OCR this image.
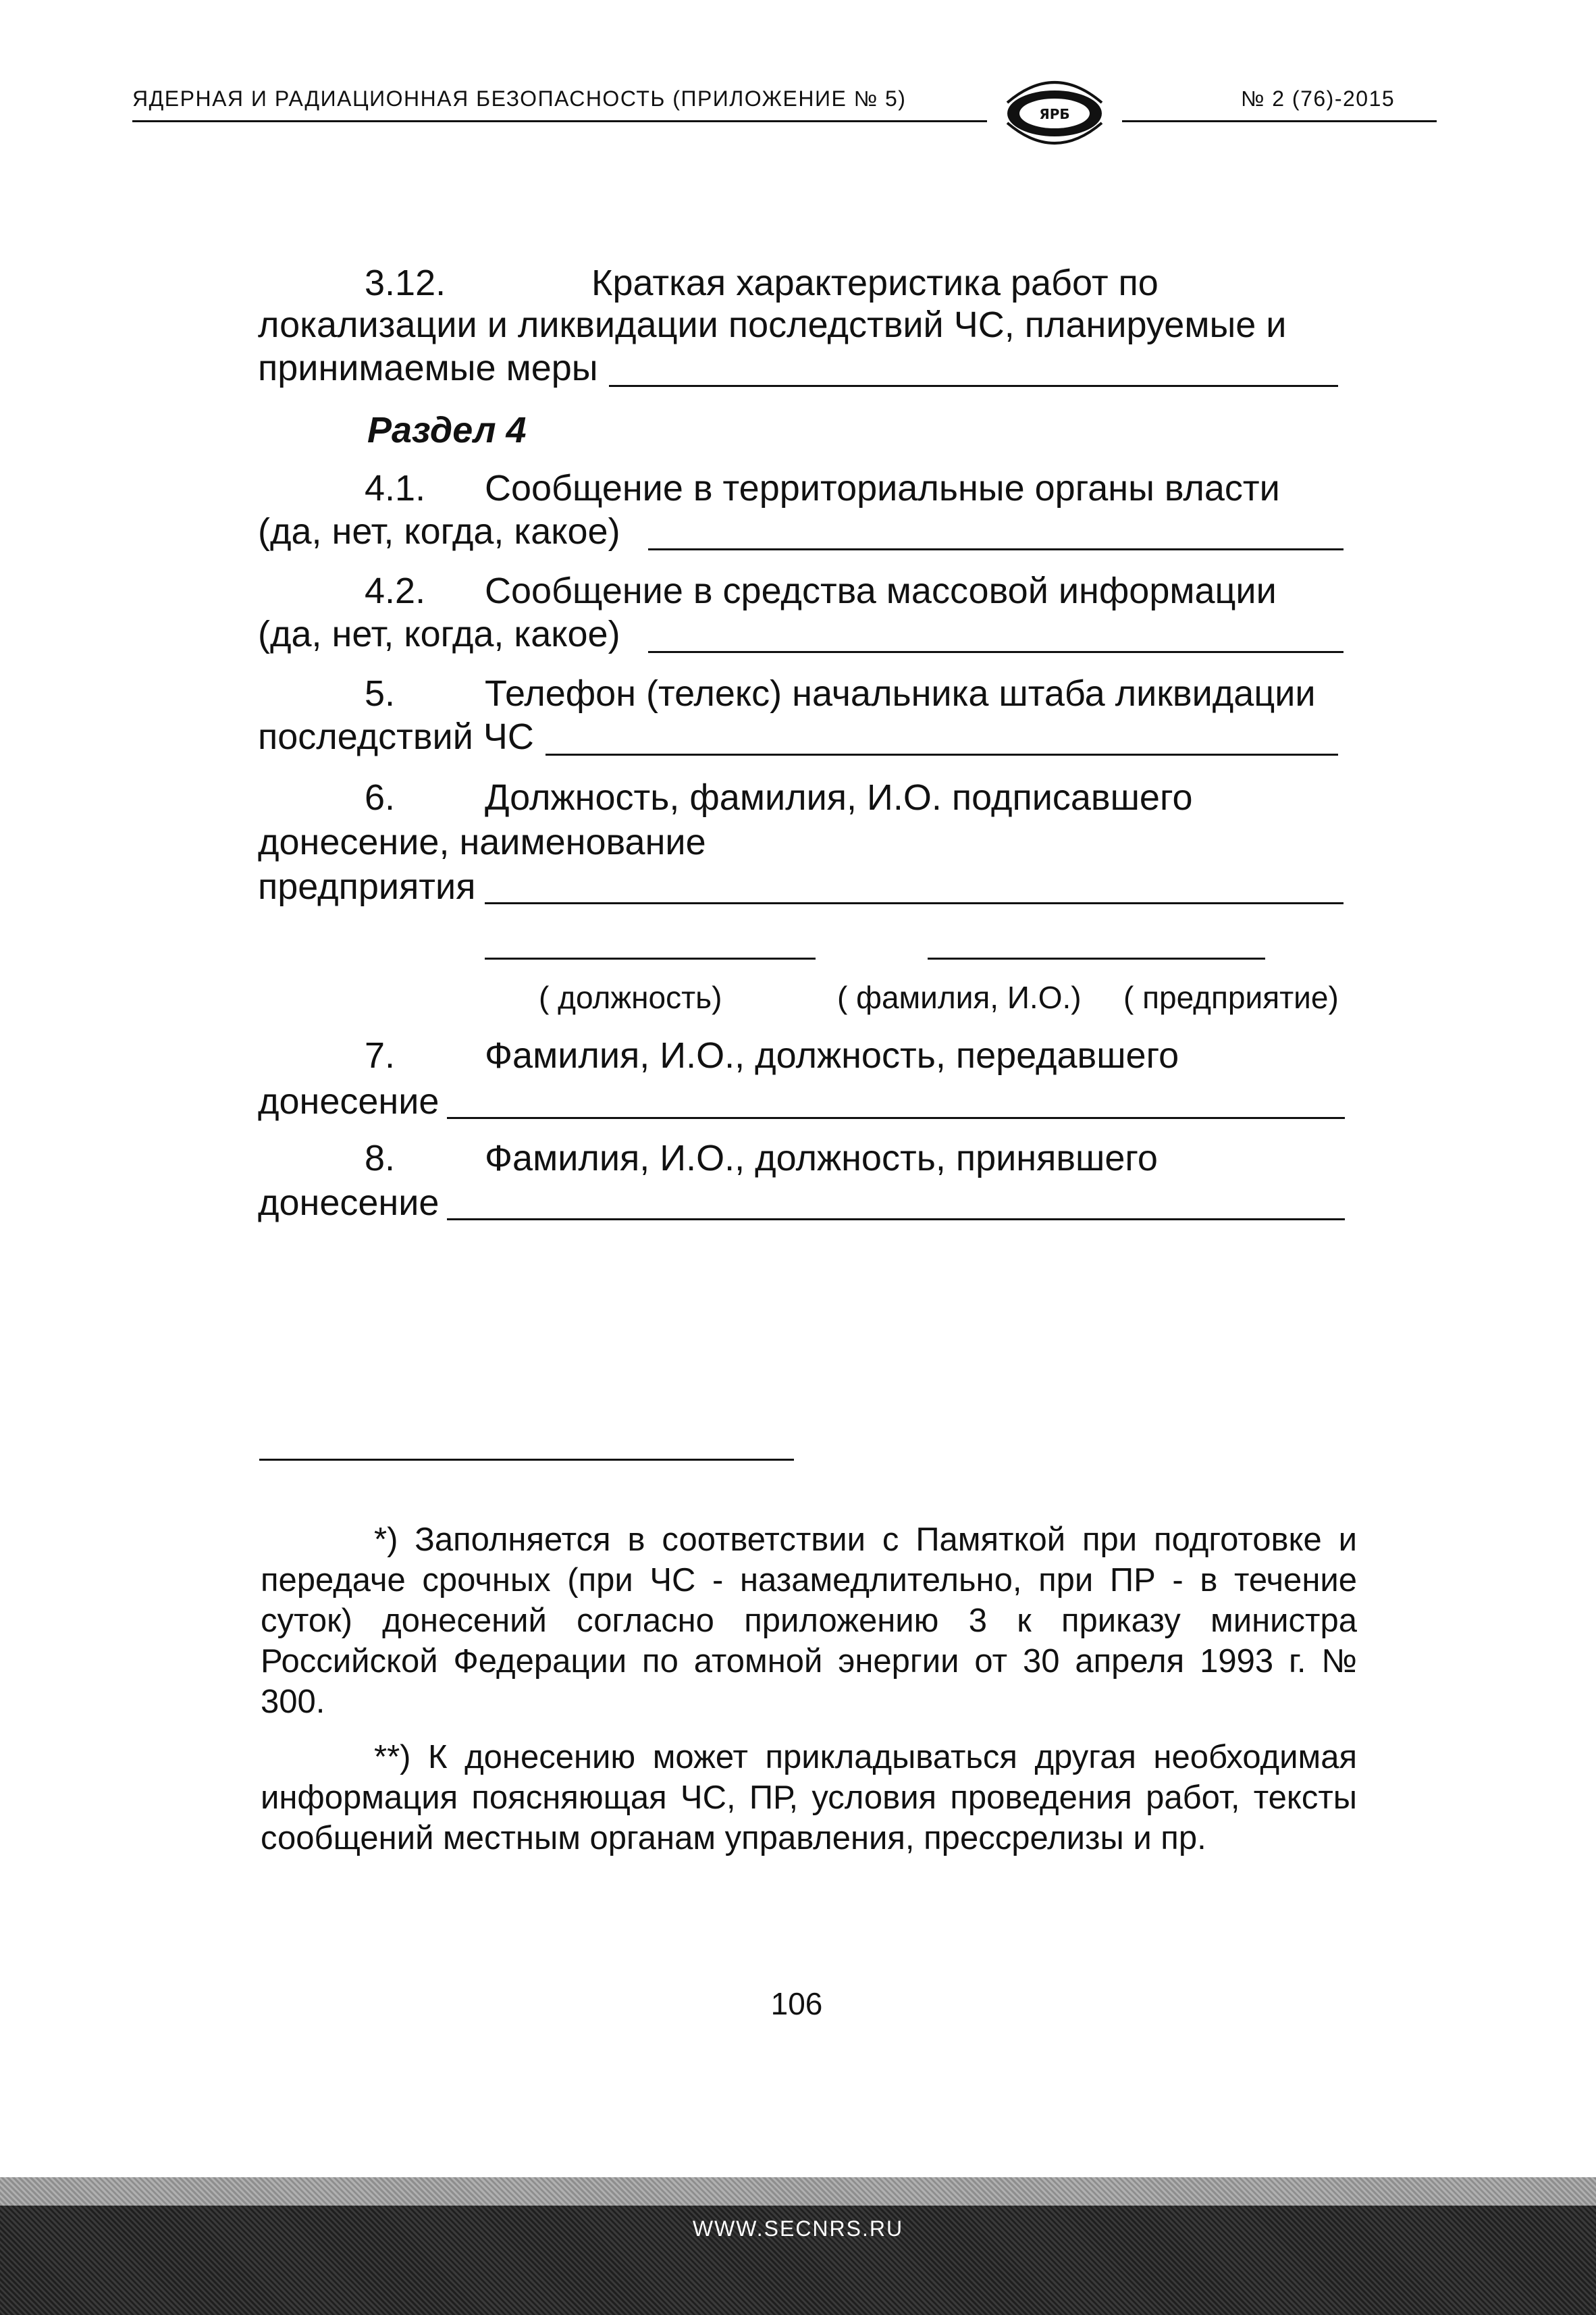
ЯДЕРНАЯ И РАДИАЦИОННАЯ БЕЗОПАСНОСТЬ (ПРИЛОЖЕНИЕ № 5)	№ 2 (76)-2015
ЯРБ
3.12.	Краткая характеристика работ по
локализации и ликвидации последствий ЧС, планируемые и
принимаемые меры
Раздел 4
4.1. Сообщение в территориальные органы власти
(да, нет, когда, какое)
4.2. Сообщение в средства массовой информации
(да, нет, когда, какое)
5. Телефон (телекс) начальника штаба ликвидации
последствий ЧС
6. Должность, фамилия, И.О. подписавшего
донесение, наименование
предприятия
( должность)	( фамилия, И.О.) ( предприятие)
7. Фамилия, И.О., должность, передавшего
донесение
8. Фамилия, И.О., должность, принявшего
донесение

*) Заполняется в соответствии с Памяткой при подготовке и передаче срочных (при ЧС - назамедлительно, при ПР - в течение суток) донесений согласно приложению 3 к приказу министра Российской Федерации по атомной энергии от 30 апреля 1993 г. № 300.

**) К донесению может прикладываться другая необходимая информация поясняющая ЧС, ПР, условия проведения работ, тексты сообщений местным органам управления, прессрелизы и пр.

106
WWW.SECNRS.RU
